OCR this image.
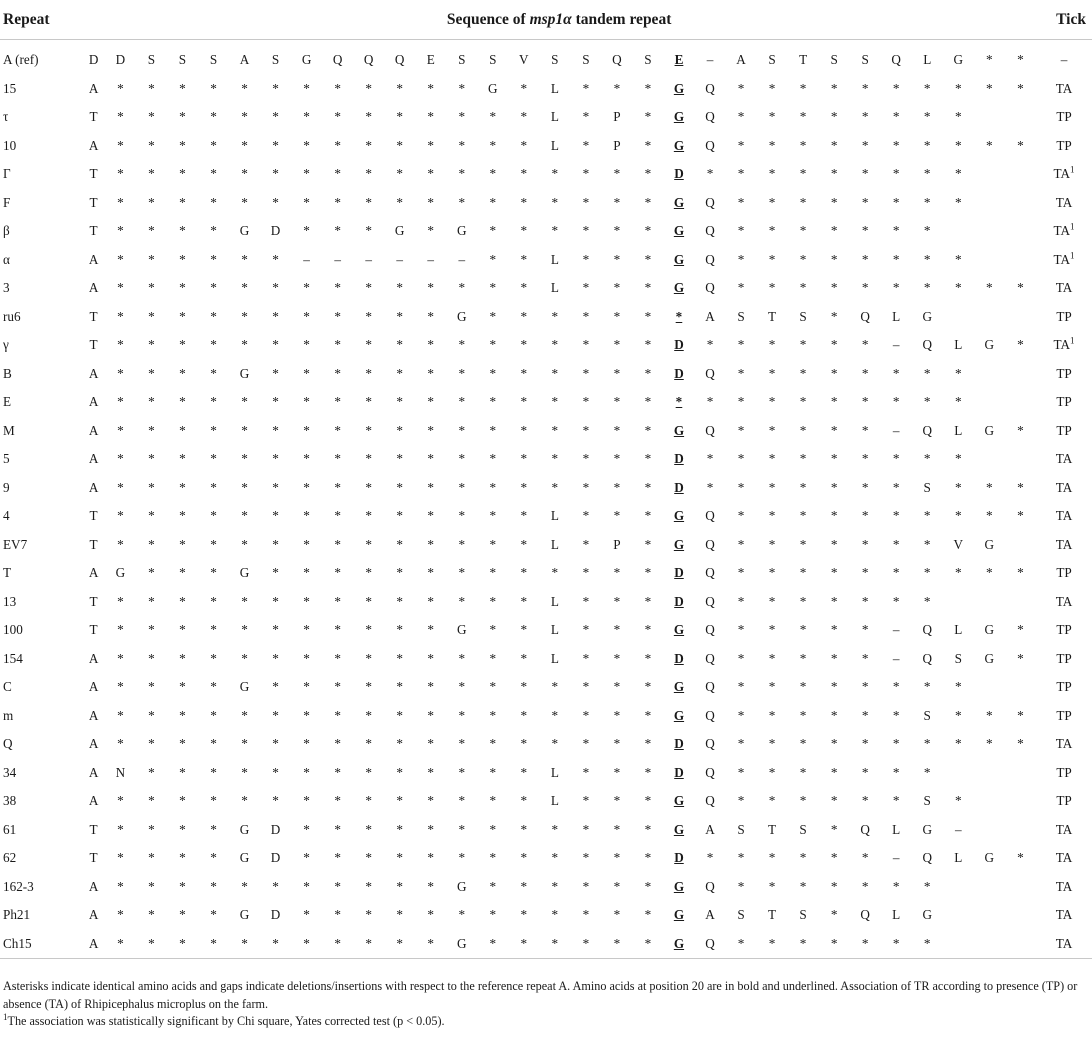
Repeat	Sequence of msp1α tandem repeat																															Tick
A (ref)	D	D	S	S	S	A	S	G	Q	Q	Q	E	S	S	V	S	S	Q	S	E	–	A	S	T	S	S	Q	L	G	*	*	–
15	A	*	*	*	*	*	*	*	*	*	*	*	*	G	*	L	*	*	*	G	Q	*	*	*	*	*	*	*	*	*	*	TA
τ	T	*	*	*	*	*	*	*	*	*	*	*	*	*	*	L	*	P	*	G	Q	*	*	*	*	*	*	*	*			TP
10	A	*	*	*	*	*	*	*	*	*	*	*	*	*	*	L	*	P	*	G	Q	*	*	*	*	*	*	*	*	*	*	TP
Γ	T	*	*	*	*	*	*	*	*	*	*	*	*	*	*	*	*	*	*	D	*	*	*	*	*	*	*	*	*			$TA^1$
F	T	*	*	*	*	*	*	*	*	*	*	*	*	*	*	*	*	*	*	G	Q	*	*	*	*	*	*	*	*			TA
β	T	*	*	*	*	G	D	*	*	*	G	*	G	*	*	*	*	*	*	G	Q	*	*	*	*	*	*	*				$TA^1$
α	A	*	*	*	*	*	*	–	–	–	–	–	–	*	*	L	*	*	*	G	Q	*	*	*	*	*	*	*	*			$TA^1$
3	A	*	*	*	*	*	*	*	*	*	*	*	*	*	*	L	*	*	*	G	Q	*	*	*	*	*	*	*	*	*	*	TA
ru6	T	*	*	*	*	*	*	*	*	*	*	*	G	*	*	*	*	*	*	*	A	S	T	S	*	Q	L	G				TP
γ	T	*	*	*	*	*	*	*	*	*	*	*	*	*	*	*	*	*	*	D	*	*	*	*	*	*	–	Q	L	G	*	$TA^1$
B	A	*	*	*	*	G	*	*	*	*	*	*	*	*	*	*	*	*	*	D	Q	*	*	*	*	*	*	*	*			TP
E	A	*	*	*	*	*	*	*	*	*	*	*	*	*	*	*	*	*	*	*	*	*	*	*	*	*	*	*	*			TP
M	A	*	*	*	*	*	*	*	*	*	*	*	*	*	*	*	*	*	*	G	Q	*	*	*	*	*	–	Q	L	G	*	TP
5	A	*	*	*	*	*	*	*	*	*	*	*	*	*	*	*	*	*	*	D	*	*	*	*	*	*	*	*	*			TA
9	A	*	*	*	*	*	*	*	*	*	*	*	*	*	*	*	*	*	*	D	*	*	*	*	*	*	*	S	*	*	*	TA
4	T	*	*	*	*	*	*	*	*	*	*	*	*	*	*	L	*	*	*	G	Q	*	*	*	*	*	*	*	*	*	*	TA
EV7	T	*	*	*	*	*	*	*	*	*	*	*	*	*	*	L	*	P	*	G	Q	*	*	*	*	*	*	*	V	G		TA
T	A	G	*	*	*	G	*	*	*	*	*	*	*	*	*	*	*	*	*	D	Q	*	*	*	*	*	*	*	*	*	*	TP
13	T	*	*	*	*	*	*	*	*	*	*	*	*	*	*	L	*	*	*	D	Q	*	*	*	*	*	*	*				TA
100	T	*	*	*	*	*	*	*	*	*	*	*	G	*	*	L	*	*	*	G	Q	*	*	*	*	*	–	Q	L	G	*	TP
154	A	*	*	*	*	*	*	*	*	*	*	*	*	*	*	L	*	*	*	D	Q	*	*	*	*	*	–	Q	S	G	*	TP
C	A	*	*	*	*	G	*	*	*	*	*	*	*	*	*	*	*	*	*	G	Q	*	*	*	*	*	*	*	*			TP
m	A	*	*	*	*	*	*	*	*	*	*	*	*	*	*	*	*	*	*	G	Q	*	*	*	*	*	*	S	*	*	*	TP
Q	A	*	*	*	*	*	*	*	*	*	*	*	*	*	*	*	*	*	*	D	Q	*	*	*	*	*	*	*	*	*	*	TA
34	A	N	*	*	*	*	*	*	*	*	*	*	*	*	*	L	*	*	*	D	Q	*	*	*	*	*	*	*				TP
38	A	*	*	*	*	*	*	*	*	*	*	*	*	*	*	L	*	*	*	G	Q	*	*	*	*	*	*	S	*			TP
61	T	*	*	*	*	G	D	*	*	*	*	*	*	*	*	*	*	*	*	G	A	S	T	S	*	Q	L	G	–			TA
62	T	*	*	*	*	G	D	*	*	*	*	*	*	*	*	*	*	*	*	D	*	*	*	*	*	*	–	Q	L	G	*	TA
162-3	A	*	*	*	*	*	*	*	*	*	*	*	G	*	*	*	*	*	*	G	Q	*	*	*	*	*	*	*				TA
Ph21	A	*	*	*	*	G	D	*	*	*	*	*	*	*	*	*	*	*	*	G	A	S	T	S	*	Q	L	G				TA
Ch15	A	*	*	*	*	*	*	*	*	*	*	*	G	*	*	*	*	*	*	G	Q	*	*	*	*	*	*	*				TA

Asterisks indicate identical amino acids and gaps indicate deletions/insertions with respect to the reference repeat A. Amino acids at position 20 are in bold and underlined. Association of TR according to presence (TP) or absence (TA) of Rhipicephalus microplus on the farm.

$^1$The association was statistically significant by Chi square, Yates corrected test (p < 0.05).
